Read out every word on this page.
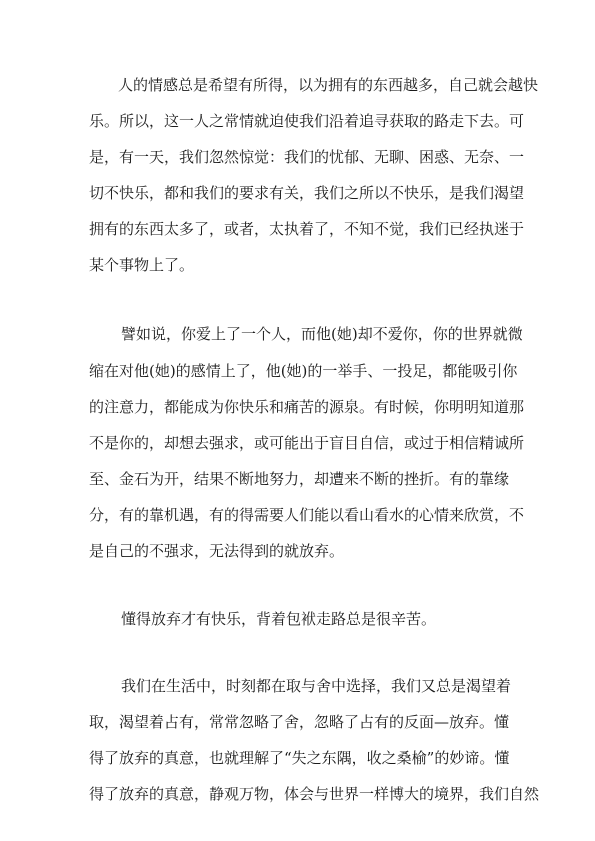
人的情感总是希望有所得，以为拥有的东西越多，自己就会越快
乐。所以，这一人之常情就迫使我们沿着追寻获取的路走下去。可
是，有一天，我们忽然惊觉：我们的忧郁、无聊、困惑、无奈、一
切不快乐，都和我们的要求有关，我们之所以不快乐，是我们渴望
拥有的东西太多了，或者，太执着了，不知不觉，我们已经执迷于
某个事物上了。
譬如说，你爱上了一个人，而他(她)却不爱你，你的世界就微
缩在对他(她)的感情上了，他(她)的一举手、一投足，都能吸引你
的注意力，都能成为你快乐和痛苦的源泉。有时候，你明明知道那
不是你的，却想去强求，或可能出于盲目自信，或过于相信精诚所
至、金石为开，结果不断地努力，却遭来不断的挫折。有的靠缘
分，有的靠机遇，有的得需要人们能以看山看水的心情来欣赏，不
是自己的不强求，无法得到的就放弃。
懂得放弃才有快乐，背着包袱走路总是很辛苦。
我们在生活中，时刻都在取与舍中选择，我们又总是渴望着
取，渴望着占有，常常忽略了舍，忽略了占有的反面—放弃。懂
得了放弃的真意，也就理解了“失之东隅，收之桑榆”的妙谛。懂
得了放弃的真意，静观万物，体会与世界一样博大的境界，我们自然
